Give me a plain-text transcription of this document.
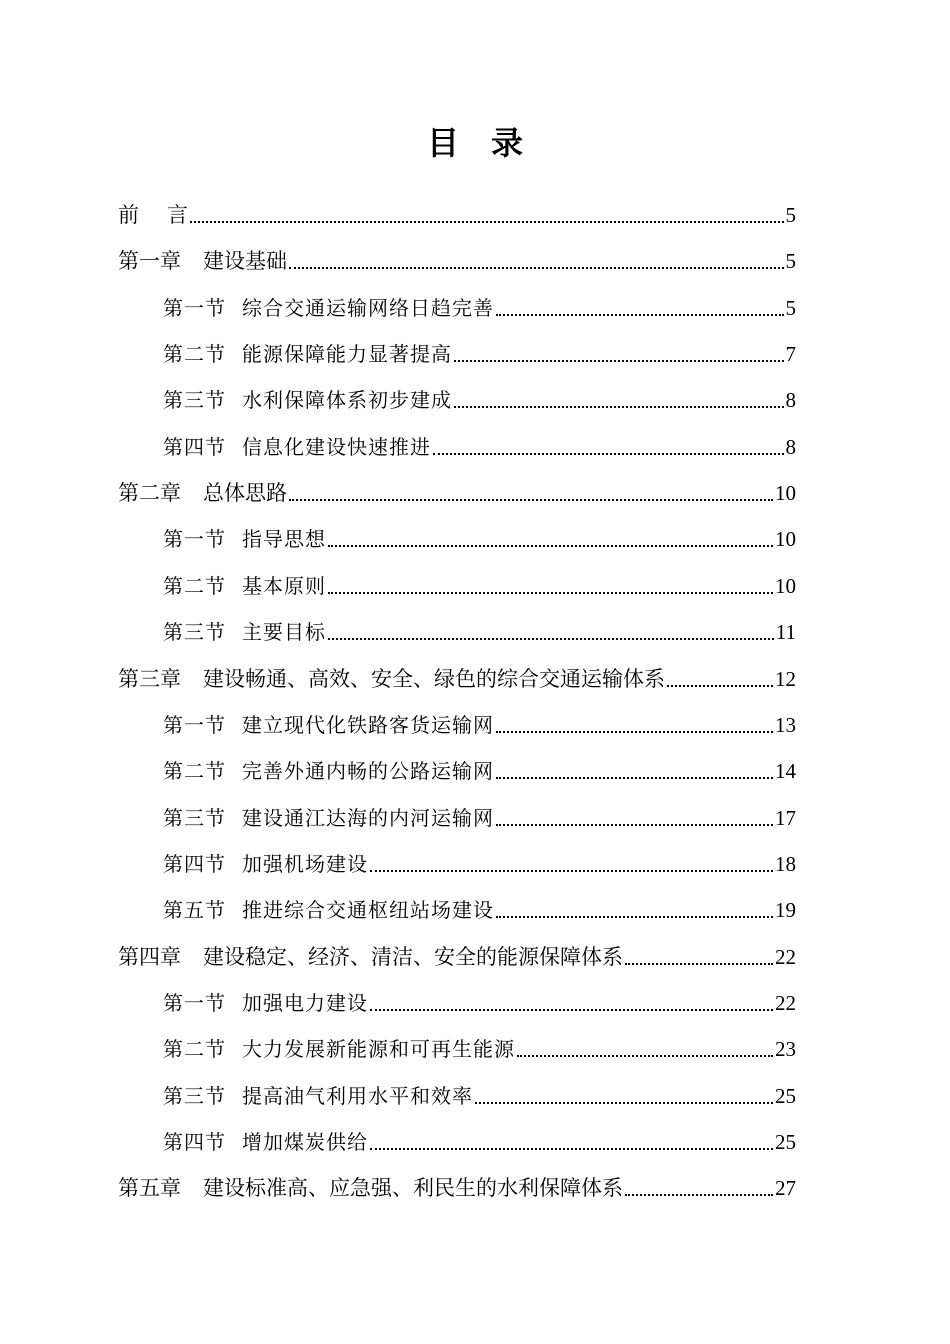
目 录
前 言	5
第一章 建设基础	5
第一节 综合交通运输网络日趋完善	5
第二节 能源保障能力显著提高	7
第三节 水利保障体系初步建成	8
第四节 信息化建设快速推进	8
第二章 总体思路	10
第一节 指导思想	10
第二节 基本原则	10
第三节 主要目标	11
第三章 建设畅通、高效、安全、绿色的综合交通运输体系	12
第一节 建立现代化铁路客货运输网	13
第二节 完善外通内畅的公路运输网	14
第三节 建设通江达海的内河运输网	17
第四节 加强机场建设	18
第五节 推进综合交通枢纽站场建设	19
第四章 建设稳定、经济、清洁、安全的能源保障体系	22
第一节 加强电力建设	22
第二节 大力发展新能源和可再生能源	23
第三节 提高油气利用水平和效率	25
第四节 增加煤炭供给	25
第五章 建设标准高、应急强、利民生的水利保障体系	27
